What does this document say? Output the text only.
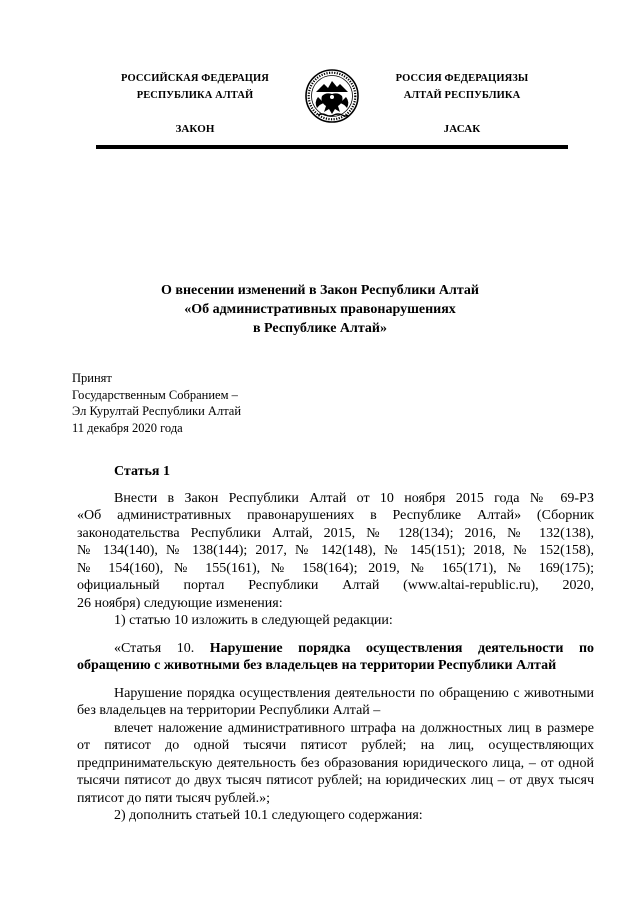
РОССИЙСКАЯ ФЕДЕРАЦИЯ
РЕСПУБЛИКА АЛТАЙ
ЗАКОН
РОССИЯ ФЕДЕРАЦИЯЗЫ
АЛТАЙ РЕСПУБЛИКА
JАСАК
О внесении изменений в Закон Республики Алтай
«Об административных правонарушениях
в Республике Алтай»
Принят
Государственным Собранием –
Эл Курултай Республики Алтай
11 декабря 2020 года

Статья 1

Внести в Закон Республики Алтай от 10 ноября 2015 года № 69-РЗ

«Об административных правонарушениях в Республике Алтай» (Сборник

законодательства Республики Алтай, 2015, № 128(134); 2016, № 132(138),

№ 134(140), № 138(144); 2017, № 142(148), № 145(151); 2018, № 152(158),

№ 154(160), № 155(161), № 158(164); 2019, № 165(171), № 169(175);

официальный портал Республики Алтай (www.altai-republic.ru), 2020,

26 ноября) следующие изменения:

1) статью 10 изложить в следующей редакции:

«Статья 10. Нарушение порядка осуществления деятельности по обращению с животными без владельцев на территории Республики Алтай

Нарушение порядка осуществления деятельности по обращению с животными без владельцев на территории Республики Алтай –

влечет наложение административного штрафа на должностных лиц в размере от пятисот до одной тысячи пятисот рублей; на лиц, осуществляющих предпринимательскую деятельность без образования юридического лица, – от одной тысячи пятисот до двух тысяч пятисот рублей; на юридических лиц – от двух тысяч пятисот до пяти тысяч рублей.»;

2) дополнить статьей 10.1 следующего содержания:
